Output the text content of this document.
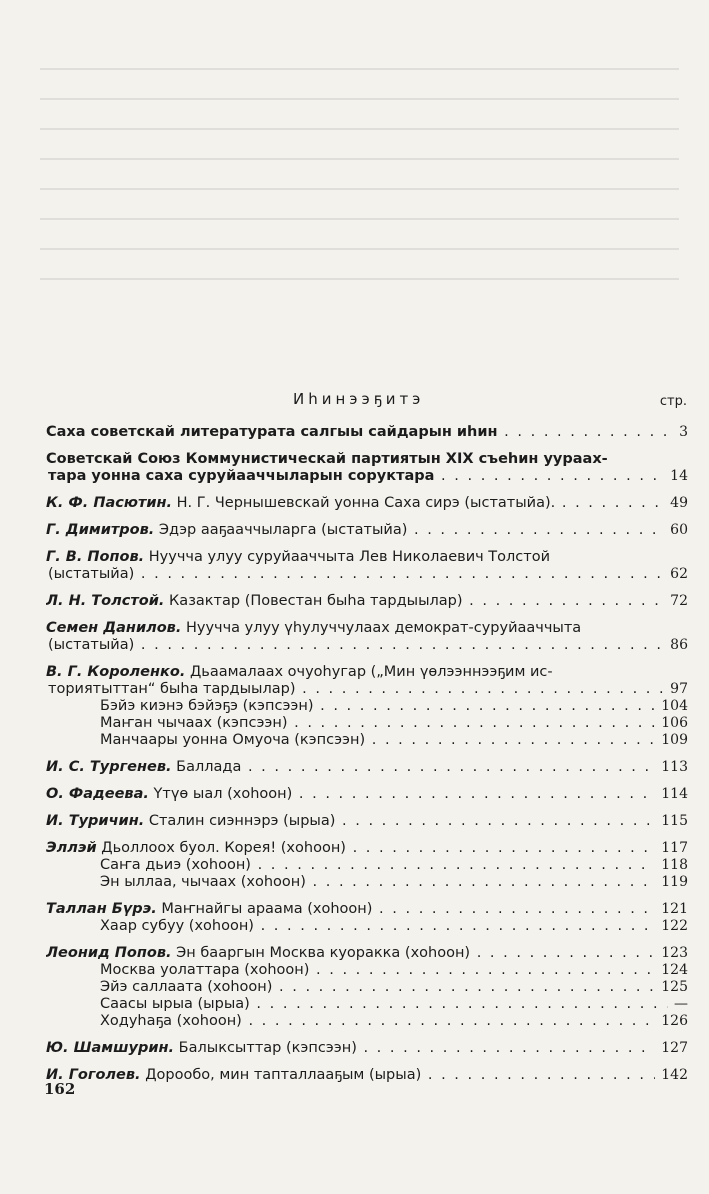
Иһинээҕитэ	стр.
Саха советскай литературата салгыы сайдарын иһин . . .	3
Советскай Союз Коммунистическай партиятын XIX съеһин уураах-
тара уонна саха суруйааччыларын соруктара . . .	14
К. Ф. Пасютин. Н. Г. Чернышевскай уонна Саха сирэ (ыстатыйа). . . .	49
Г. Димитров. Эдэр ааҕааччыларга (ыстатыйа) . . .	60
Г. В. Попов. Нуучча улуу суруйааччыта Лев Николаевич Толстой
(ыстатыйа) . . .	62
Л. Н. Толстой. Казактар (Повестан быһа тардыылар) . . .	72
Семен Данилов. Нуучча улуу үһулуччулаах демократ-суруйааччыта
(ыстатыйа) . . .	86
В. Г. Короленко. Дьаамалаах очуоһугар („Мин үөлээннээҕим ис-
ториятыттан“ быһа тардыылар) . . .	97
Бэйэ киэнэ бэйэҕэ (кэпсээн) . . .	104
Маҥан чычаах (кэпсээн) . . .	106
Манчаары уонна Омуоча (кэпсээн) . . .	109
И. С. Тургенев. Баллада . . .	113
О. Фадеева. Үтүө ыал (хоһоон) . . .	114
И. Туричин. Сталин сиэннэрэ (ырыа) . . .	115
Эллэй Дьоллоох буол. Корея! (хоһоон) . . .	117
Саҥа дьиэ (хоһоон) . . .	118
Эн ыллаа, чычаах (хоһоон) . . .	119
Таллан Бүрэ. Маҥнайгы араама (хоһоон) . . .	121
Хаар субуу (хоһоон) . . .	122
Леонид Попов. Эн бааргын Москва куоракка (хоһоон) . . .	123
Москва уолаттара (хоһоон) . . .	124
Эйэ саллаата (хоһоон) . . .	125
Саасы ырыа (ырыа) . . .	—
Ходуһаҕа (хоһоон) . . .	126
Ю. Шамшурин. Балыксыттар (кэпсээн) . . .	127
И. Гоголев. Дорообо, мин тапталлааҕым (ырыа) . . .	142
162
